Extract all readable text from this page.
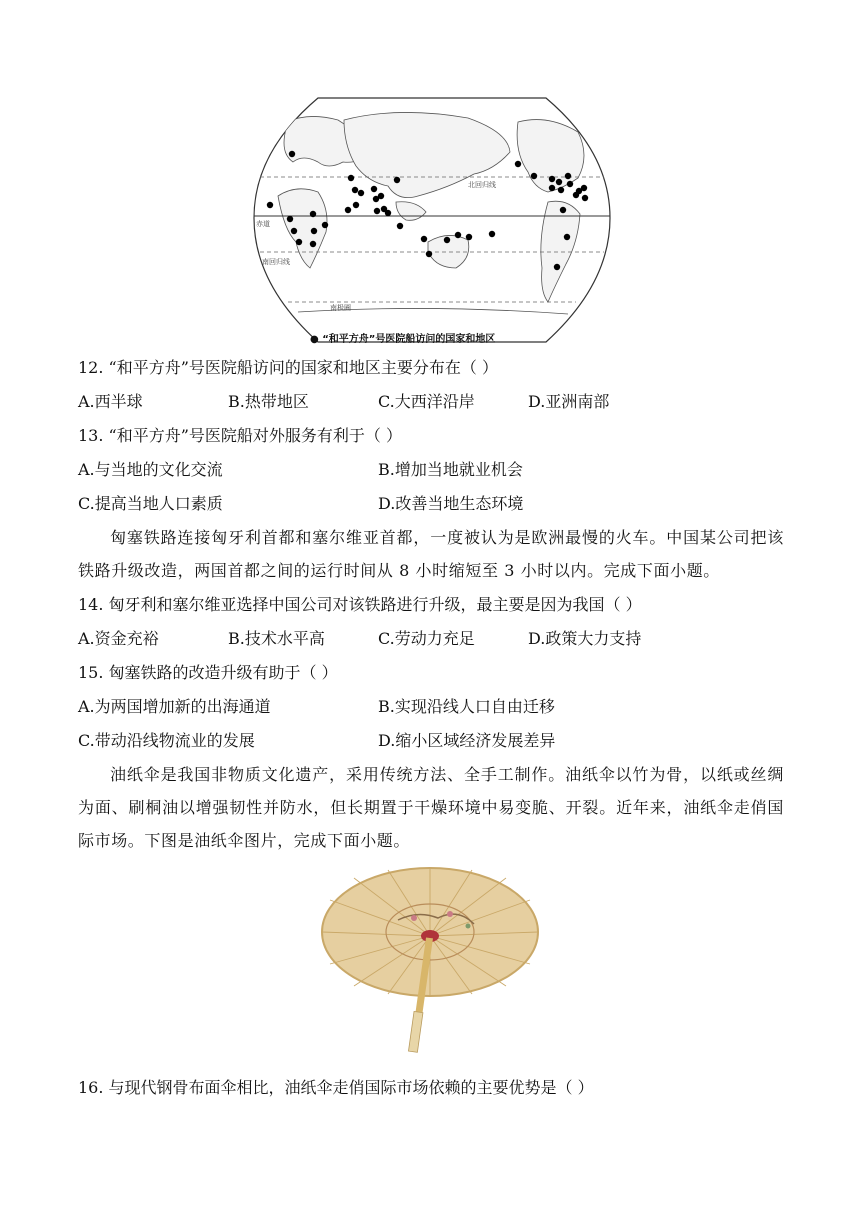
北回归线
赤道
南回归线
南极圈
● “和平方舟”号医院船访问的国家和地区
12. “和平方舟”号医院船访问的国家和地区主要分布在（ ）
A.西半球	B.热带地区	C.大西洋沿岸	D.亚洲南部
13. “和平方舟”号医院船对外服务有利于（ ）
A.与当地的文化交流	B.增加当地就业机会
C.提高当地人口素质	D.改善当地生态环境
匈塞铁路连接匈牙利首都和塞尔维亚首都，一度被认为是欧洲最慢的火车。中国某公司把该铁路升级改造，两国首都之间的运行时间从 8 小时缩短至 3 小时以内。完成下面小题。
14. 匈牙利和塞尔维亚选择中国公司对该铁路进行升级，最主要是因为我国（ ）
A.资金充裕	B.技术水平高	C.劳动力充足	D.政策大力支持
15. 匈塞铁路的改造升级有助于（ ）
A.为两国增加新的出海通道	B.实现沿线人口自由迁移
C.带动沿线物流业的发展	D.缩小区域经济发展差异
油纸伞是我国非物质文化遗产，采用传统方法、全手工制作。油纸伞以竹为骨，以纸或丝绸为面、刷桐油以增强韧性并防水，但长期置于干燥环境中易变脆、开裂。近年来，油纸伞走俏国际市场。下图是油纸伞图片，完成下面小题。
16. 与现代钢骨布面伞相比，油纸伞走俏国际市场依赖的主要优势是（ ）
